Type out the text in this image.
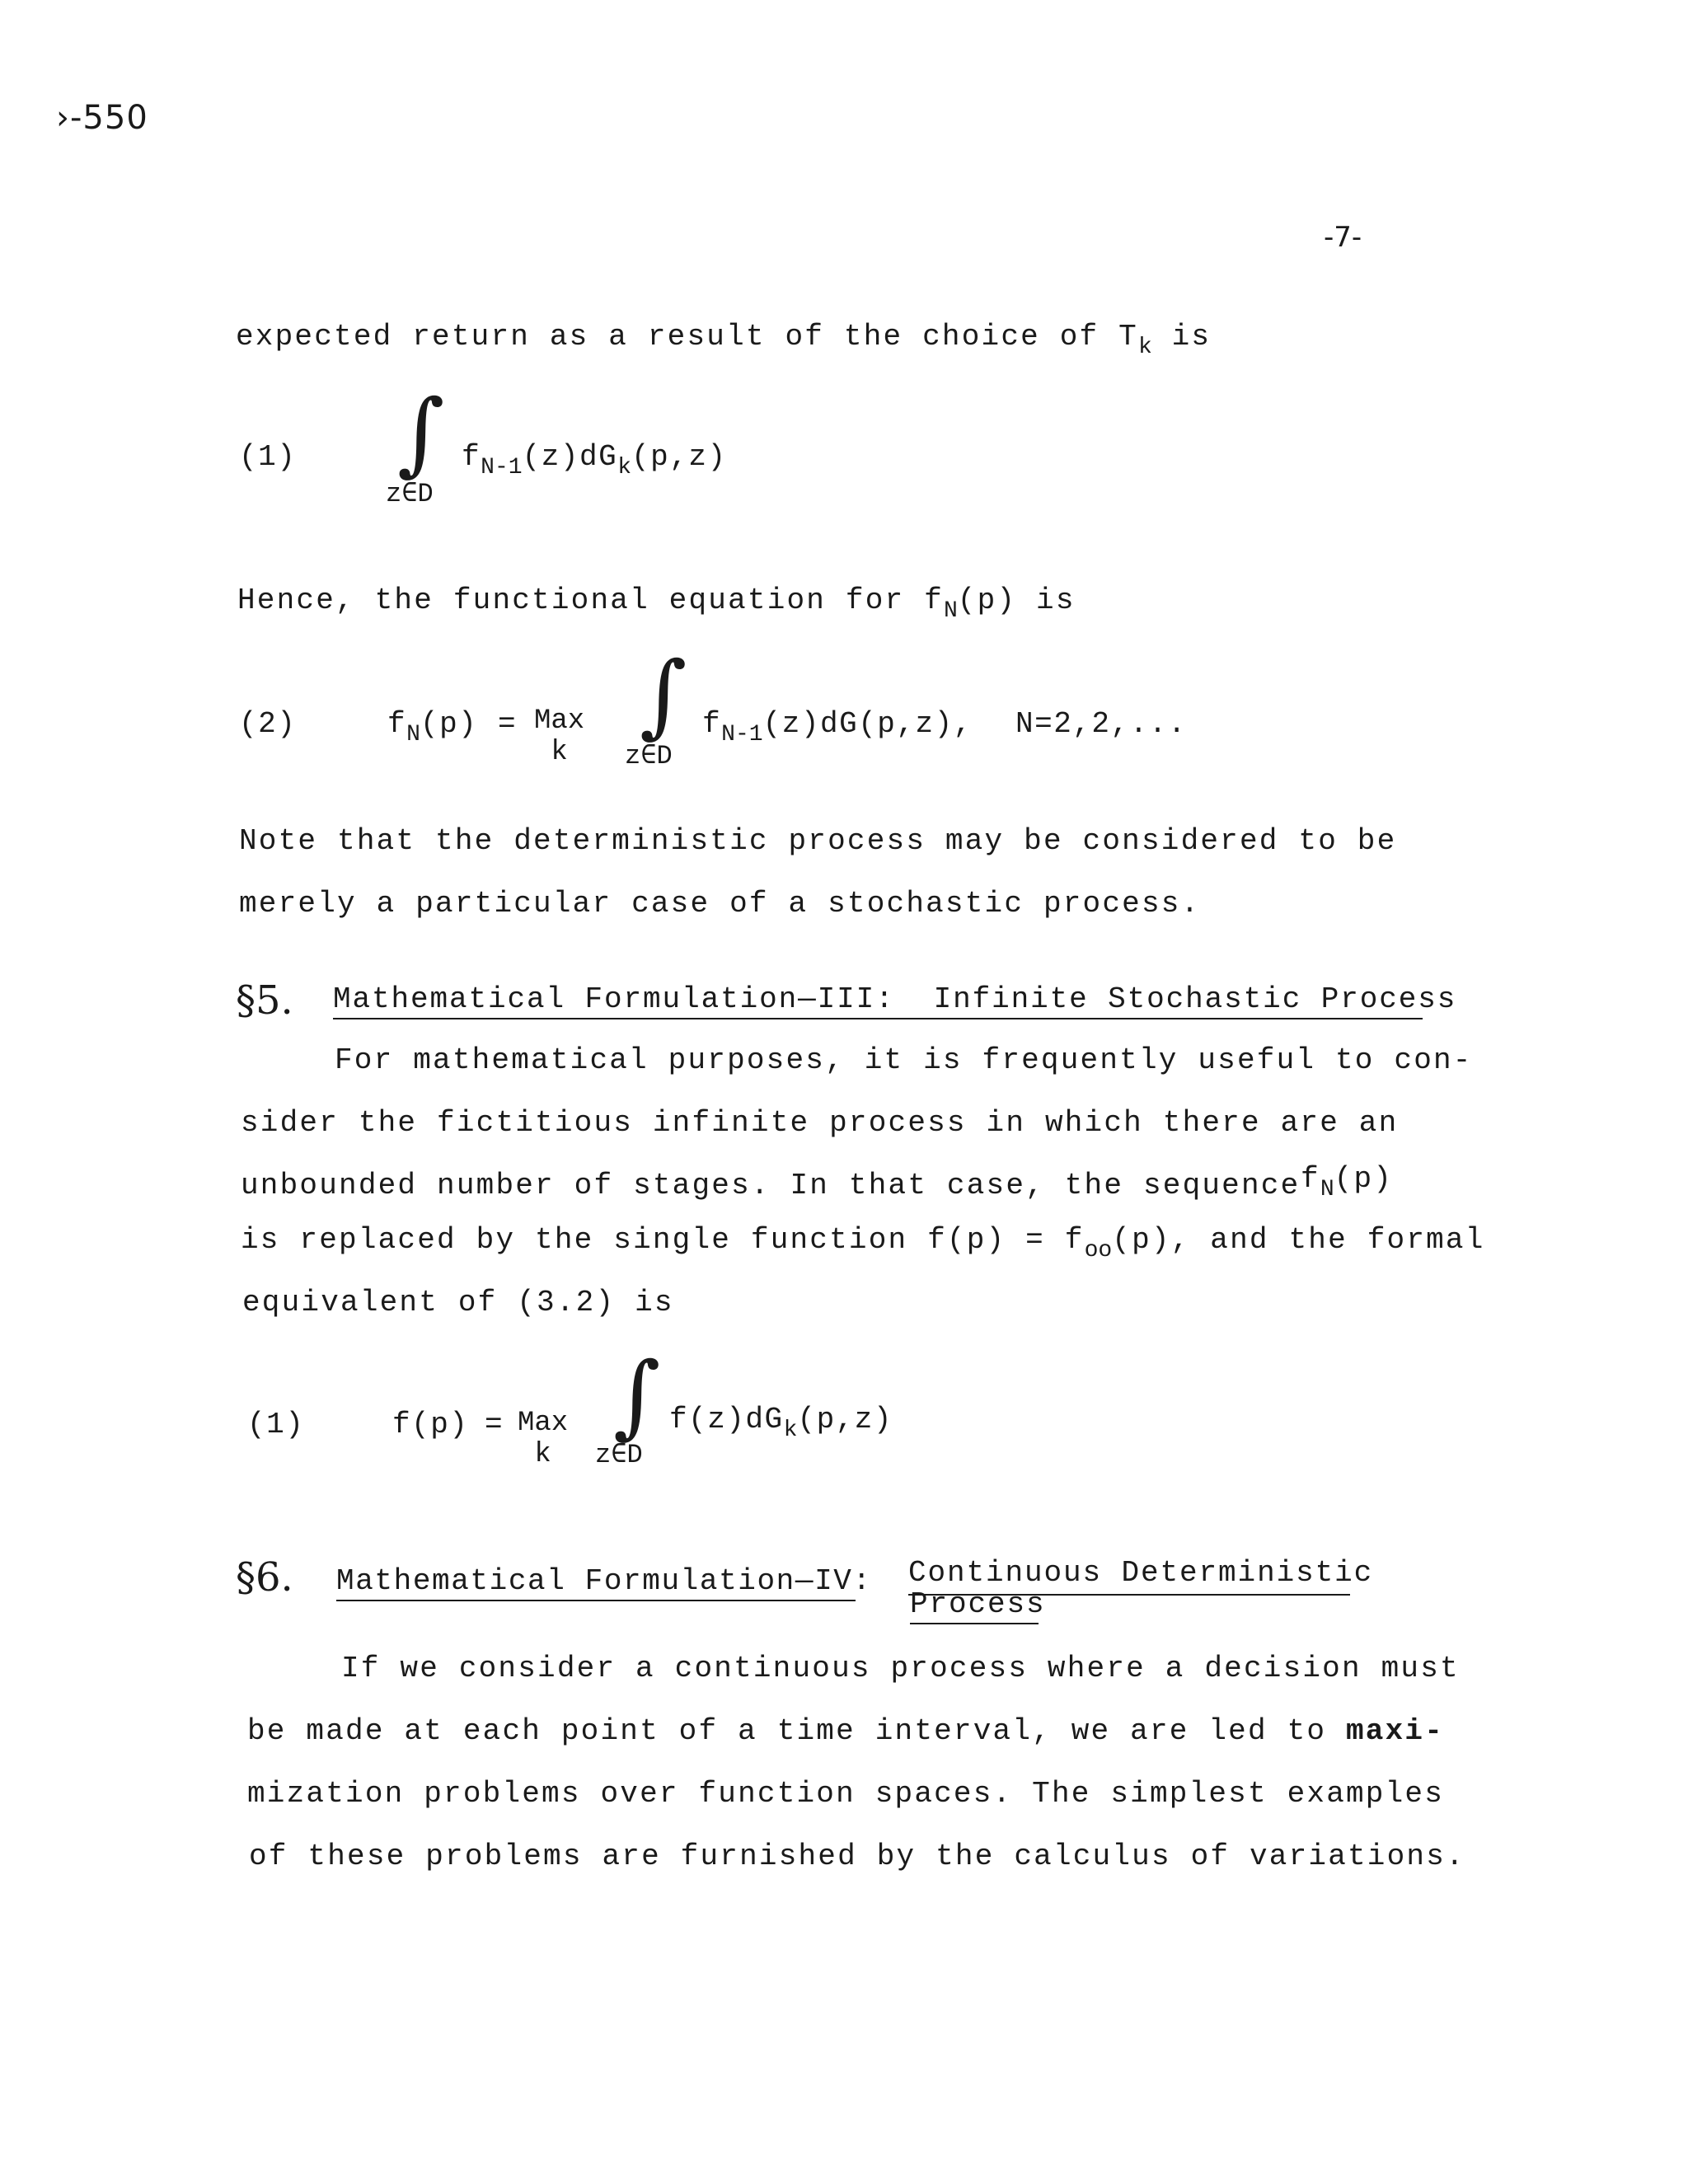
›-550
-7-
expected return as a result of the choice of $T_k$ is
(1) ∫
z∈D
$f_{N-1}(z)dG_k(p,z)$
Hence, the functional equation for $f_N(p)$ is
(2)	$f_N(p)$ = Max
k
∫
z∈D
$f_{N-1}(z)dG(p,z)$, N=2,2,...
Note that the deterministic process may be considered to be
merely a particular case of a stochastic process.
§5. Mathematical Formulation—III: Infinite Stochastic Process
For mathematical purposes, it is frequently useful to con-
sider the fictitious infinite process in which there are an
unbounded number of stages. In that case, the sequence $f_N(p)$
is replaced by the single function $f(p) = f_{oo}(p)$, and the formal
equivalent of (3.2) is
(1)	f(p) = Max
k
∫
z∈D
$f(z)dG_k(p,z)$
§6. Mathematical Formulation—IV: Continuous Deterministic
Process
If we consider a continuous process where a decision must
be made at each point of a time interval, we are led to maxi-
mization problems over function spaces. The simplest examples
of these problems are furnished by the calculus of variations.
